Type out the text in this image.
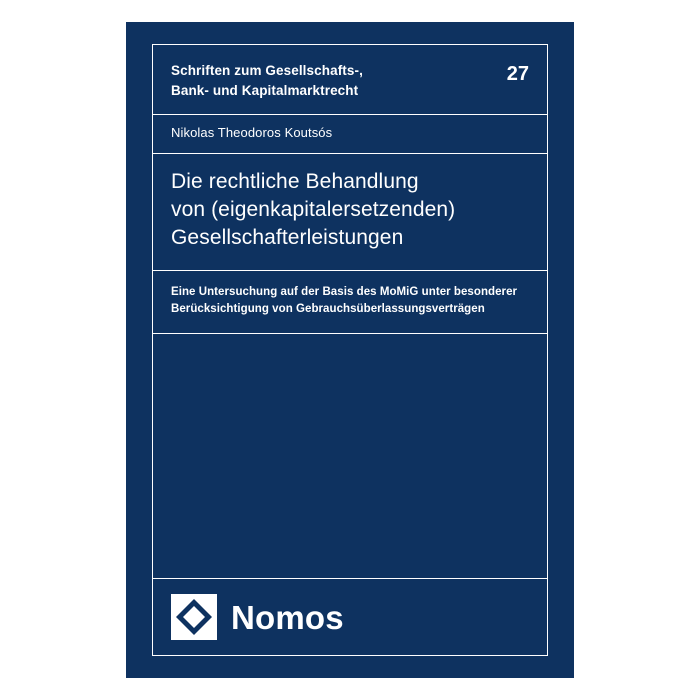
Schriften zum Gesellschafts-,
Bank- und Kapitalmarktrecht
27
Nikolas Theodoros Koutsós
Die rechtliche Behandlung
von (eigenkapitalersetzenden)
Gesellschafterleistungen
Eine Untersuchung auf der Basis des MoMiG unter besonderer
Berücksichtigung von Gebrauchsüberlassungsverträgen
Nomos
